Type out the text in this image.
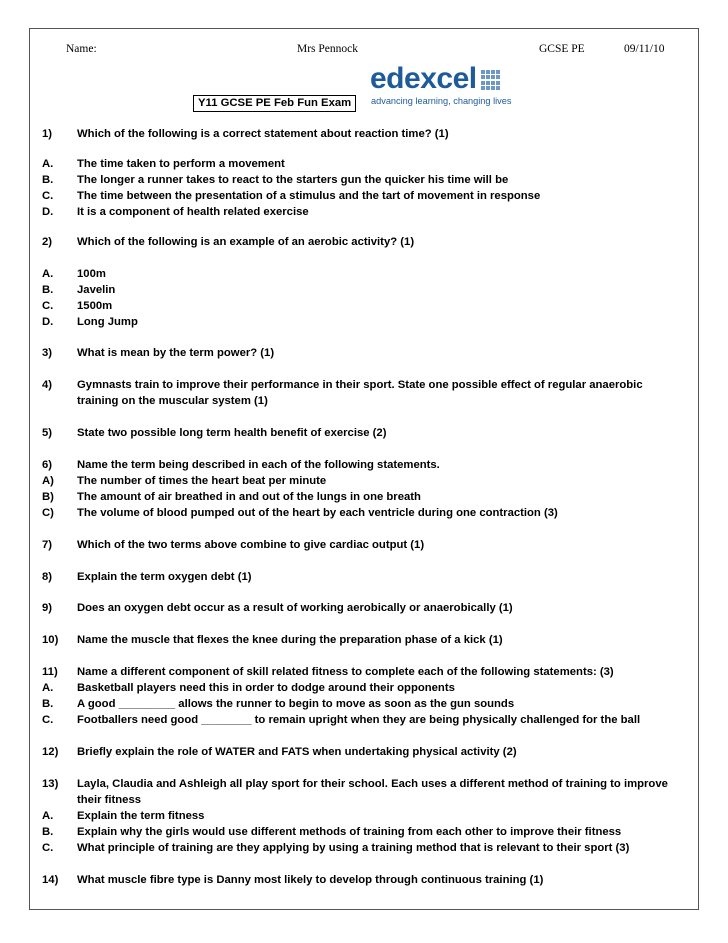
Name:	Mrs Pennock	GCSE PE	09/11/10
edexcel
advancing learning, changing lives
Y11 GCSE PE Feb Fun Exam
1) Which of the following is a correct statement about reaction time? (1)
A. The time taken to perform a movement
B. The longer a runner takes to react to the starters gun the quicker his time will be
C. The time between the presentation of a stimulus and the tart of movement in response
D. It is a component of health related exercise
2) Which of the following is an example of an aerobic activity? (1)
A. 100m
B. Javelin
C. 1500m
D. Long Jump
3) What is mean by the term power? (1)
4) Gymnasts train to improve their performance in their sport. State one possible effect of regular anaerobic
training on the muscular system (1)
5) State two possible long term health benefit of exercise (2)
6) Name the term being described in each of the following statements.
A) The number of times the heart beat per minute
B) The amount of air breathed in and out of the lungs in one breath
C) The volume of blood pumped out of the heart by each ventricle during one contraction (3)
7) Which of the two terms above combine to give cardiac output (1)
8) Explain the term oxygen debt (1)
9) Does an oxygen debt occur as a result of working aerobically or anaerobically (1)
10) Name the muscle that flexes the knee during the preparation phase of a kick (1)
11) Name a different component of skill related fitness to complete each of the following statements: (3)
A. Basketball players need this in order to dodge around their opponents
B. A good _________ allows the runner to begin to move as soon as the gun sounds
C. Footballers need good ________ to remain upright when they are being physically challenged for the ball
12) Briefly explain the role of WATER and FATS when undertaking physical activity (2)
13) Layla, Claudia and Ashleigh all play sport for their school. Each uses a different method of training to improve
their fitness
A. Explain the term fitness
B. Explain why the girls would use different methods of training from each other to improve their fitness
C. What principle of training are they applying by using a training method that is relevant to their sport (3)
14) What muscle fibre type is Danny most likely to develop through continuous training (1)
